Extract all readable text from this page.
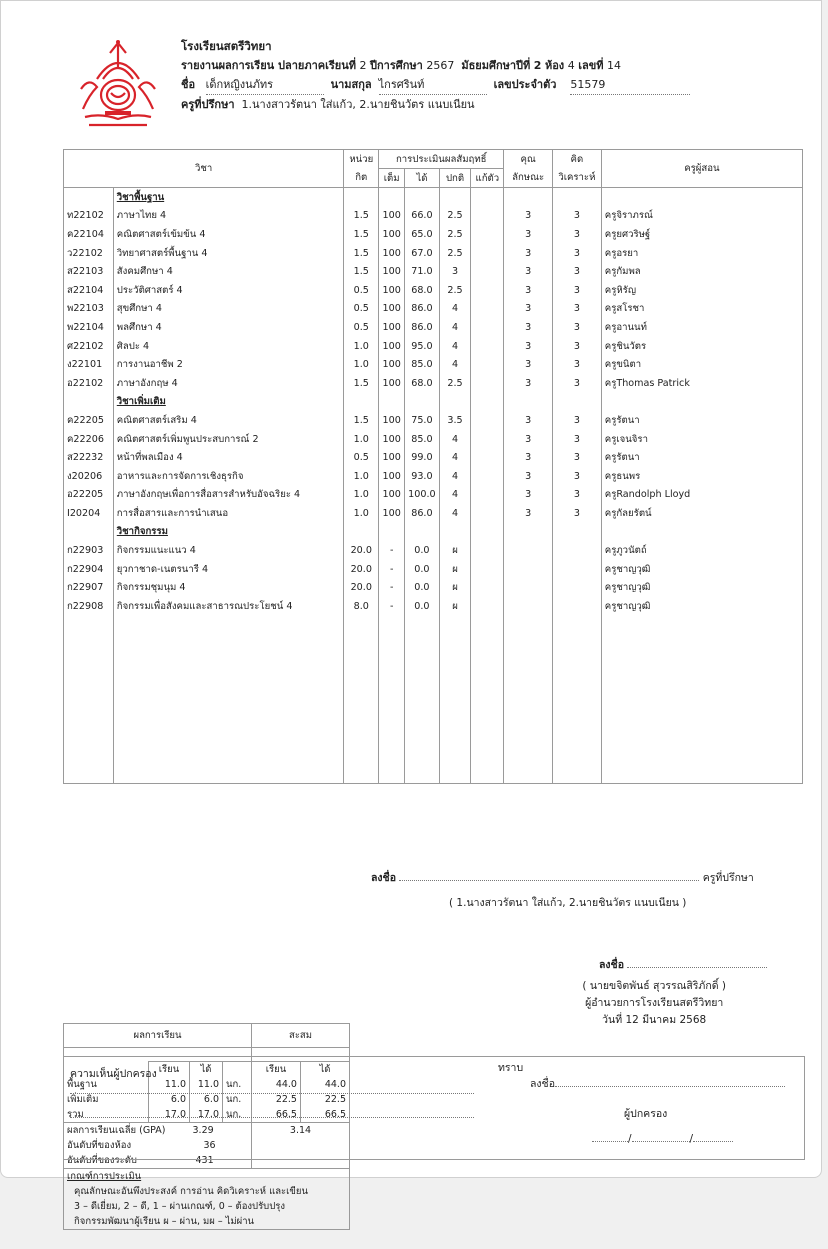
โรงเรียนสตรีวิทยา
รายงานผลการเรียน ปลายภาคเรียนที่ 2 ปีการศึกษา 2567 มัธยมศึกษาปีที่ 2 ห้อง 4 เลขที่ 14
ชื่อ เด็กหญิงนภัทร	นามสกุล ไกรศรินท์	เลขประจำตัว 51579
ครูที่ปรึกษา 1.นางสาวรัตนา ใส่แก้ว, 2.นายชินวัตร แนบเนียน
วิชา		หน่วย	การประเมินผลสัมฤทธิ์				คุณ	คิด	ครูผู้สอน
		กิต	เต็ม	ได้	ปกติ	แก้ตัว	ลักษณะ	วิเคราะห์	
	วิชาพื้นฐาน								
ท22102	ภาษาไทย 4	1.5	100	66.0	2.5		3	3	ครูจิราภรณ์
ค22104	คณิตศาสตร์เข้มข้น 4	1.5	100	65.0	2.5		3	3	ครูยศวริษฐ์
ว22102	วิทยาศาสตร์พื้นฐาน 4	1.5	100	67.0	2.5		3	3	ครูอรยา
ส22103	สังคมศึกษา 4	1.5	100	71.0	3		3	3	ครูกัมพล
ส22104	ประวัติศาสตร์ 4	0.5	100	68.0	2.5		3	3	ครูหิรัญ
พ22103	สุขศึกษา 4	0.5	100	86.0	4		3	3	ครูสโรชา
พ22104	พลศึกษา 4	0.5	100	86.0	4		3	3	ครูอานนท์
ศ22102	ศิลปะ 4	1.0	100	95.0	4		3	3	ครูชินวัตร
ง22101	การงานอาชีพ 2	1.0	100	85.0	4		3	3	ครูขนิตา
อ22102	ภาษาอังกฤษ 4	1.5	100	68.0	2.5		3	3	ครูThomas Patrick
	วิชาเพิ่มเติม								
ค22205	คณิตศาสตร์เสริม 4	1.5	100	75.0	3.5		3	3	ครูรัตนา
ค22206	คณิตศาสตร์เพิ่มพูนประสบการณ์ 2	1.0	100	85.0	4		3	3	ครูเจนจิรา
ส22232	หน้าที่พลเมือง 4	0.5	100	99.0	4		3	3	ครูรัตนา
ง20206	อาหารและการจัดการเชิงธุรกิจ	1.0	100	93.0	4		3	3	ครูธนพร
อ22205	ภาษาอังกฤษเพื่อการสื่อสารสำหรับอัจฉริยะ 4	1.0	100	100.0	4		3	3	ครูRandolph Lloyd
I20204	การสื่อสารและการนำเสนอ	1.0	100	86.0	4		3	3	ครูกัลยรัตน์
	วิชากิจกรรม								
ก22903	กิจกรรมแนะแนว 4	20.0	-	0.0	ผ				ครูภูวนัตถ์
ก22904	ยุวกาชาด-เนตรนารี 4	20.0	-	0.0	ผ				ครูชาญวุฒิ
ก22907	กิจกรรมชุมนุม 4	20.0	-	0.0	ผ				ครูชาญวุฒิ
ก22908	กิจกรรมเพื่อสังคมและสาธารณประโยชน์ 4	8.0	-	0.0	ผ				ครูชาญวุฒิ

ผลการเรียน				สะสม	

	เรียน	ได้		เรียน	ได้
พื้นฐาน	11.0	11.0	นก.	44.0	44.0
เพิ่มเติม	6.0	6.0	นก.	22.5	22.5
รวม	17.0	17.0	นก.	66.5	66.5
ผลการเรียนเฉลี่ย (GPA)		3.29		3.14	
อันดับที่ของห้อง		36			
อันดับที่ของระดับ		431			
เกณฑ์การประเมิน					
คุณลักษณะอันพึงประสงค์ การอ่าน คิดวิเคราะห์ และเขียน					
3 – ดีเยี่ยม, 2 – ดี, 1 – ผ่านเกณฑ์, 0 – ต้องปรับปรุง					
กิจกรรมพัฒนาผู้เรียน ผ – ผ่าน, มผ – ไม่ผ่าน					
ลงชื่อ	ครูที่ปรึกษา
( 1.นางสาวรัตนา ใส่แก้ว, 2.นายชินวัตร แนบเนียน )
ลงชื่อ
( นายขจิตพันธ์ สุวรรณสิริภักดิ์ )
ผู้อำนวยการโรงเรียนสตรีวิทยา
วันที่ 12 มีนาคม 2568
ความเห็นผู้ปกครอง	ทราบ
ลงชื่อ
ผู้ปกครอง
/	/
